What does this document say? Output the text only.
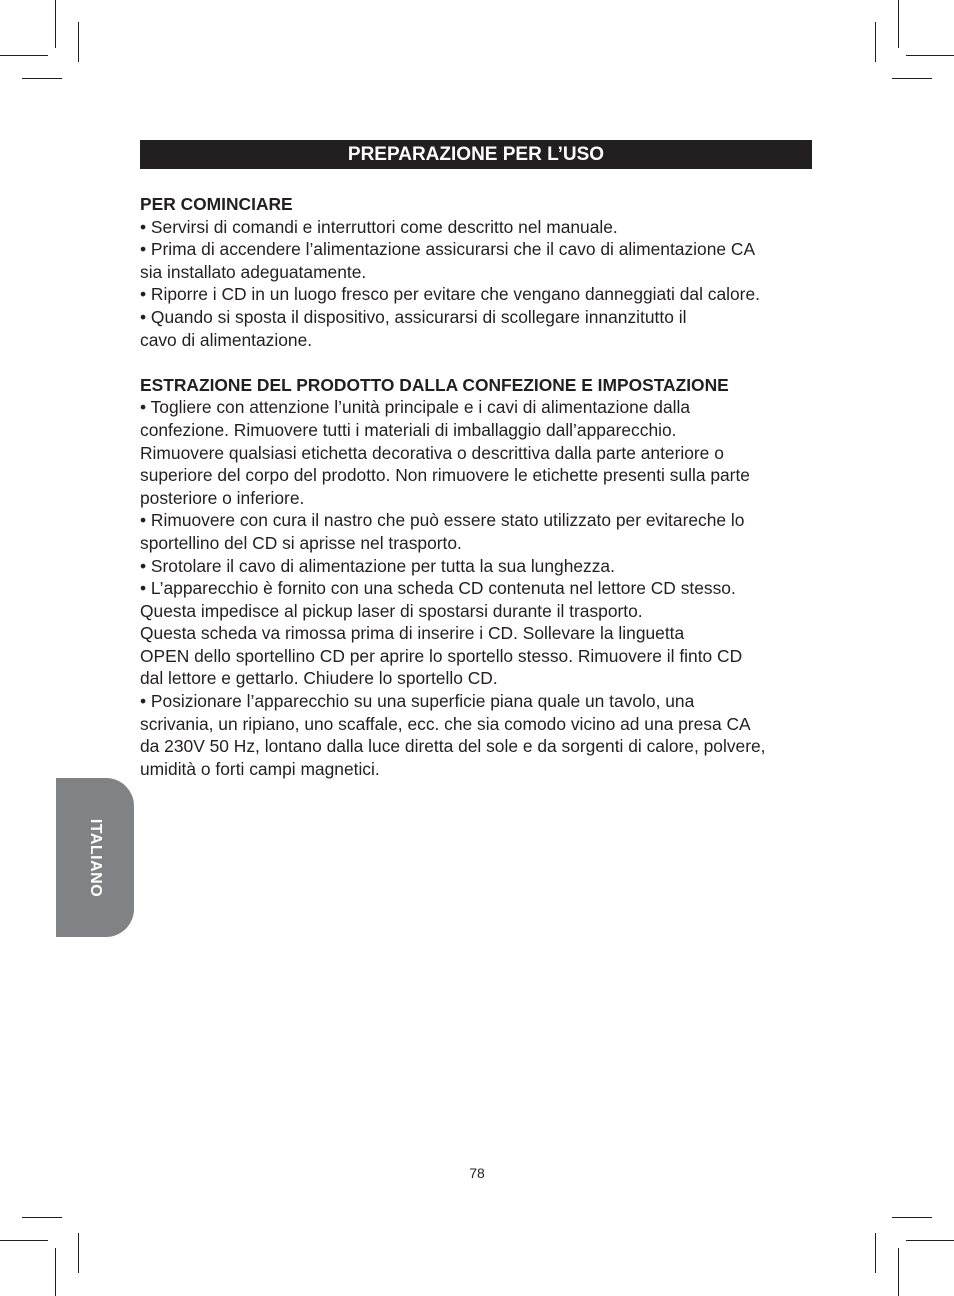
PREPARAZIONE PER L’USO

PER COMINCIARE

• Servirsi di comandi e interruttori come descritto nel manuale.

• Prima di accendere l’alimentazione assicurarsi che il cavo di alimentazione CA

sia installato adeguatamente.

• Riporre i CD in un luogo fresco per evitare che vengano danneggiati dal calore.

• Quando si sposta il dispositivo, assicurarsi di scollegare innanzitutto il

cavo di alimentazione.

ESTRAZIONE DEL PRODOTTO DALLA CONFEZIONE E IMPOSTAZIONE

• Togliere con attenzione l’unità principale e i cavi di alimentazione dalla

confezione. Rimuovere tutti i materiali di imballaggio dall’apparecchio.

Rimuovere qualsiasi etichetta decorativa o descrittiva dalla parte anteriore o

superiore del corpo del prodotto. Non rimuovere le etichette presenti sulla parte

posteriore o inferiore.

• Rimuovere con cura il nastro che può essere stato utilizzato per evitareche lo

sportellino del CD si aprisse nel trasporto.

• Srotolare il cavo di alimentazione per tutta la sua lunghezza.

• L’apparecchio è fornito con una scheda CD contenuta nel lettore CD stesso.

Questa impedisce al pickup laser di spostarsi durante il trasporto.

Questa scheda va rimossa prima di inserire i CD. Sollevare la linguetta

OPEN dello sportellino CD per aprire lo sportello stesso. Rimuovere il finto CD

dal lettore e gettarlo. Chiudere lo sportello CD.

• Posizionare l’apparecchio su una superficie piana quale un tavolo, una

scrivania, un ripiano, uno scaffale, ecc. che sia comodo vicino ad una presa CA

da 230V 50 Hz, lontano dalla luce diretta del sole e da sorgenti di calore, polvere,

umidità o forti campi magnetici.

ITALIANO
78
